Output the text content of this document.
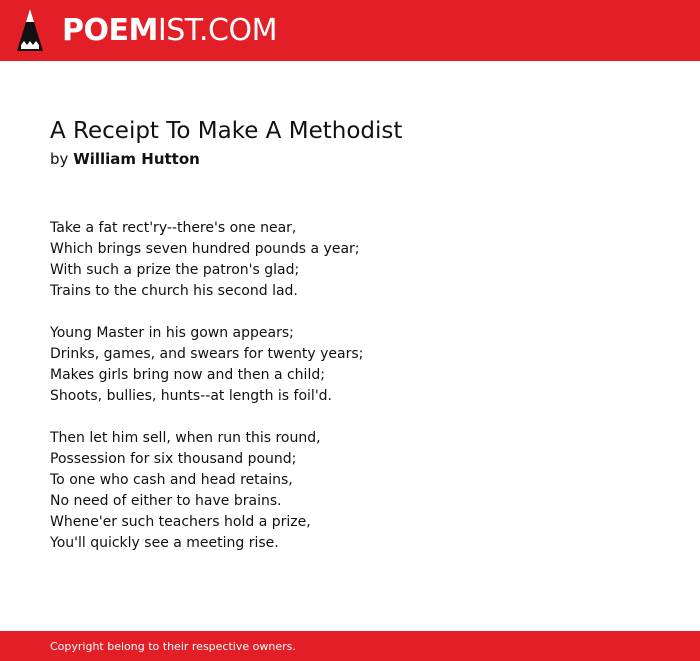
POEMIST.COM
A Receipt To Make A Methodist
by William Hutton
Take a fat rect'ry--there's one near,
Which brings seven hundred pounds a year;
With such a prize the patron's glad;
Trains to the church his second lad.
Young Master in his gown appears;
Drinks, games, and swears for twenty years;
Makes girls bring now and then a child;
Shoots, bullies, hunts--at length is foil'd.
Then let him sell, when run this round,
Possession for six thousand pound;
To one who cash and head retains,
No need of either to have brains.
Whene'er such teachers hold a prize,
You'll quickly see a meeting rise.
Copyright belong to their respective owners.
